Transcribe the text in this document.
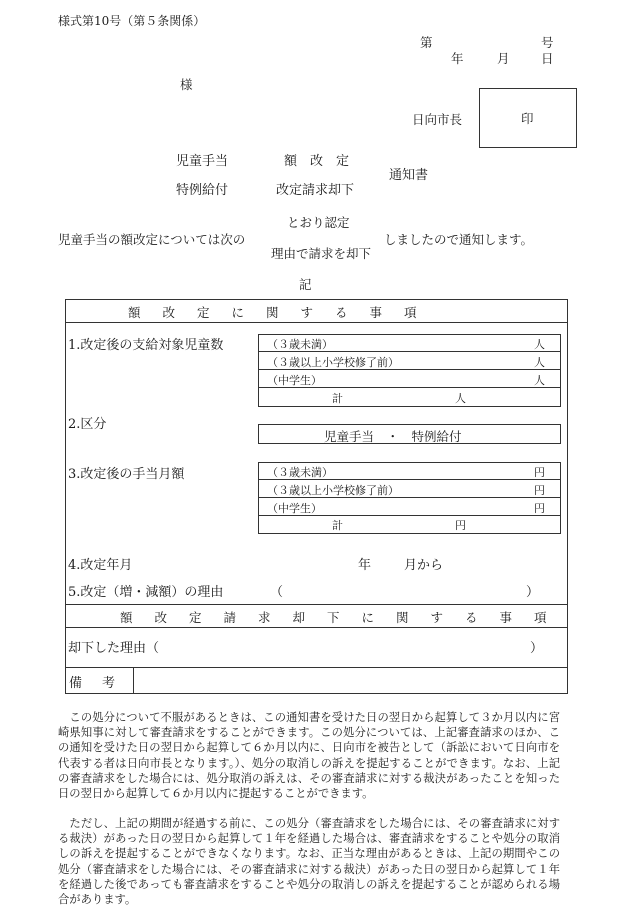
様式第10号（第５条関係）
第	号
年	月	日
様
日向市長	印
児童手当	額　改　定
通知書
特例給付	改定請求却下
とおり認定
児童手当の額改定については次の	しましたので通知します。
理由で請求を却下
記
額改定に関する事項
1.改定後の支給対象児童数	（３歳未満）	人
（３歳以上小学校修了前）	人
（中学生）	人
計	人
2.区分
児童手当　・　特例給付
3.改定後の手当月額	（３歳未満）	円
（３歳以上小学校修了前）	円
（中学生）	円
計	円
4.改定年月	年	月から
5.改定（増・減額）の理由	（	）
額改定請求却下に関する事項
却下した理由（	）
備考
　この処分について不服があるときは、この通知書を受けた日の翌日から起算して３か月以内に宮崎県知事に対して審査請求をすることができます。この処分については、上記審査請求のほか、この通知を受けた日の翌日から起算して６か月以内に、日向市を被告として（訴訟において日向市を代表する者は日向市長となります。）、処分の取消しの訴えを提起することができます。なお、上記の審査請求をした場合には、処分取消の訴えは、その審査請求に対する裁決があったことを知った日の翌日から起算して６か月以内に提起することができます。
　ただし、上記の期間が経過する前に、この処分（審査請求をした場合には、その審査請求に対する裁決）があった日の翌日から起算して１年を経過した場合は、審査請求をすることや処分の取消しの訴えを提起することができなくなります。なお、正当な理由があるときは、上記の期間やこの処分（審査請求をした場合には、その審査請求に対する裁決）があった日の翌日から起算して１年を経過した後であっても審査請求をすることや処分の取消しの訴えを提起することが認められる場合があります。
